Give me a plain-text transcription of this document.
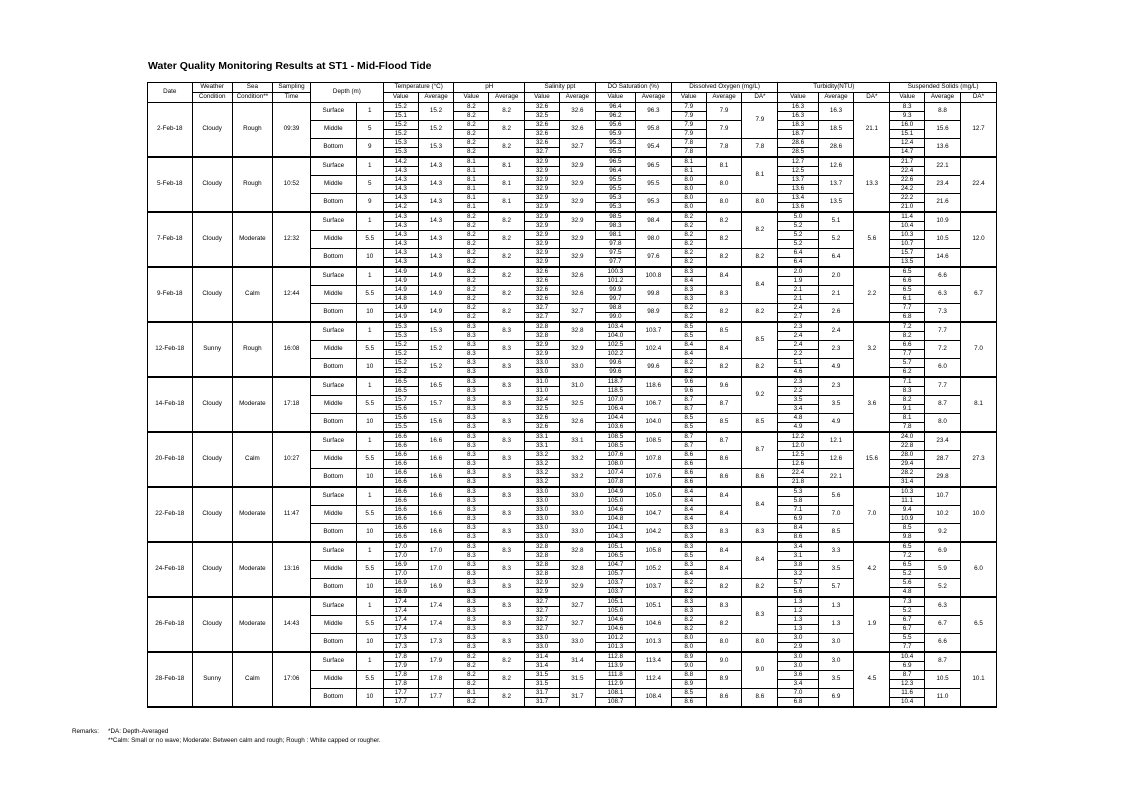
Water Quality Monitoring Results at ST1 - Mid-Flood Tide
Date	Weather	Sea	Sampling	Depth (m)		Temperature (°C)		pH		Salinity ppt		DO Saturation (%)		Dissolved Oxygen (mg/L)			Turbidity(NTU)			Suspended Solids (mg/L)		
	Condition	Condition**	Time			Value	Average	Value	Average	Value	Average	Value	Average	Value	Average	DA*	Value	Average	DA*	Value	Average	DA*
2-Feb-18	Cloudy	Rough	09:39	Surface	1	15.2	15.2	8.2	8.2	32.6	32.6	96.4	96.3	7.9	7.9	7.9	16.3	16.3	21.1	8.3	8.8	12.7
						15.1		8.2		32.5		96.2		7.9			16.3			9.3		
				Middle	5	15.2	15.2	8.2	8.2	32.6	32.6	95.6	95.8	7.9	7.9		18.3	18.5		16.0	15.6	
						15.2		8.2		32.6		95.9		7.9			18.7			15.1		
				Bottom	9	15.3	15.3	8.2	8.2	32.6	32.7	95.3	95.4	7.8	7.8	7.8	28.6	28.6		12.4	13.6	
						15.3		8.2		32.7		95.5		7.8			28.5			14.7		
5-Feb-18	Cloudy	Rough	10:52	Surface	1	14.2	14.3	8.1	8.1	32.9	32.9	96.5	96.5	8.1	8.1	8.1	12.7	12.6	13.3	21.7	22.1	22.4
						14.3		8.1		32.9		96.4		8.1			12.5			22.4		
				Middle	5	14.3	14.3	8.1	8.1	32.9	32.9	95.5	95.5	8.0	8.0		13.7	13.7		22.6	23.4	
						14.3		8.1		32.9		95.5		8.0			13.6			24.2		
				Bottom	9	14.3	14.3	8.1	8.1	32.9	32.9	95.3	95.3	8.0	8.0	8.0	13.4	13.5		22.2	21.6	
						14.2		8.1		32.9		95.3		8.0			13.6			21.0		
7-Feb-18	Cloudy	Moderate	12:32	Surface	1	14.3	14.3	8.2	8.2	32.9	32.9	98.5	98.4	8.2	8.2	8.2	5.0	5.1	5.6	11.4	10.9	12.0
						14.3		8.2		32.9		98.3		8.2			5.2			10.4		
				Middle	5.5	14.3	14.3	8.2	8.2	32.9	32.9	98.1	98.0	8.2	8.2		5.2	5.2		10.3	10.5	
						14.3		8.2		32.9		97.8		8.2			5.2			10.7		
				Bottom	10	14.3	14.3	8.2	8.2	32.9	32.9	97.5	97.6	8.2	8.2	8.2	6.4	6.4		15.7	14.6	
						14.3		8.2		32.9		97.7		8.2			6.4			13.5		
9-Feb-18	Cloudy	Calm	12:44	Surface	1	14.9	14.9	8.2	8.2	32.6	32.6	100.3	100.8	8.3	8.4	8.4	2.0	2.0	2.2	6.5	6.6	6.7
						14.9		8.2		32.6		101.2		8.4			1.9			6.6		
				Middle	5.5	14.9	14.9	8.2	8.2	32.6	32.6	99.9	99.8	8.3	8.3		2.1	2.1		6.5	6.3	
						14.8		8.2		32.6		99.7		8.3			2.1			6.1		
				Bottom	10	14.9	14.9	8.2	8.2	32.7	32.7	98.8	98.9	8.2	8.2	8.2	2.4	2.6		7.7	7.3	
						14.9		8.2		32.7		99.0		8.2			2.7			6.8		
12-Feb-18	Sunny	Rough	16:08	Surface	1	15.3	15.3	8.3	8.3	32.8	32.8	103.4	103.7	8.5	8.5	8.5	2.3	2.4	3.2	7.2	7.7	7.0
						15.3		8.3		32.8		104.0		8.5			2.4			8.2		
				Middle	5.5	15.2	15.2	8.3	8.3	32.9	32.9	102.5	102.4	8.4	8.4		2.4	2.3		6.6	7.2	
						15.2		8.3		32.9		102.2		8.4			2.2			7.7		
				Bottom	10	15.2	15.2	8.3	8.3	33.0	33.0	99.6	99.6	8.2	8.2	8.2	5.1	4.9		5.7	6.0	
						15.2		8.3		33.0		99.6		8.2			4.6			6.2		
14-Feb-18	Cloudy	Moderate	17:18	Surface	1	16.5	16.5	8.3	8.3	31.0	31.0	118.7	118.6	9.6	9.6	9.2	2.3	2.3	3.6	7.1	7.7	8.1
						16.5		8.3		31.0		118.5		9.6			2.2			8.3		
				Middle	5.5	15.7	15.7	8.3	8.3	32.4	32.5	107.0	106.7	8.7	8.7		3.5	3.5		8.2	8.7	
						15.6		8.3		32.5		106.4		8.7			3.4			9.1		
				Bottom	10	15.6	15.6	8.3	8.3	32.6	32.6	104.4	104.0	8.5	8.5	8.5	4.8	4.9		8.1	8.0	
						15.5		8.3		32.6		103.6		8.5			4.9			7.8		
20-Feb-18	Cloudy	Calm	10:27	Surface	1	16.6	16.6	8.3	8.3	33.1	33.1	108.5	108.5	8.7	8.7	8.7	12.2	12.1	15.6	24.0	23.4	27.3
						16.6		8.3		33.1		108.5		8.7			12.0			22.8		
				Middle	5.5	16.6	16.6	8.3	8.3	33.2	33.2	107.6	107.8	8.6	8.6		12.5	12.6		28.0	28.7	
						16.6		8.3		33.2		108.0		8.6			12.6			29.4		
				Bottom	10	16.6	16.6	8.3	8.3	33.2	33.2	107.4	107.6	8.6	8.6	8.6	22.4	22.1		28.2	29.8	
						16.6		8.3		33.2		107.8		8.6			21.8			31.4		
22-Feb-18	Cloudy	Moderate	11:47	Surface	1	16.6	16.6	8.3	8.3	33.0	33.0	104.9	105.0	8.4	8.4	8.4	5.3	5.6	7.0	10.3	10.7	10.0
						16.6		8.3		33.0		105.0		8.4			5.8			11.1		
				Middle	5.5	16.6	16.6	8.3	8.3	33.0	33.0	104.6	104.7	8.4	8.4		7.1	7.0		9.4	10.2	
						16.6		8.3		33.0		104.8		8.4			6.9			10.9		
				Bottom	10	16.6	16.6	8.3	8.3	33.0	33.0	104.1	104.2	8.3	8.3	8.3	8.4	8.5		8.5	9.2	
						16.6		8.3		33.0		104.3		8.3			8.6			9.8		
24-Feb-18	Cloudy	Moderate	13:16	Surface	1	17.0	17.0	8.3	8.3	32.8	32.8	105.1	105.8	8.3	8.4	8.4	3.4	3.3	4.2	6.5	6.9	6.0
						17.0		8.3		32.8		106.5		8.5			3.1			7.2		
				Middle	5.5	16.9	17.0	8.3	8.3	32.8	32.8	104.7	105.2	8.3	8.4		3.8	3.5		6.5	5.9	
						17.0		8.3		32.8		105.7		8.4			3.2			5.2		
				Bottom	10	16.9	16.9	8.3	8.3	32.9	32.9	103.7	103.7	8.2	8.2	8.2	5.7	5.7		5.6	5.2	
						16.9		8.3		32.9		103.7		8.2			5.6			4.8		
26-Feb-18	Cloudy	Moderate	14:43	Surface	1	17.4	17.4	8.3	8.3	32.7	32.7	105.1	105.1	8.3	8.3	8.3	1.3	1.3	1.9	7.3	6.3	6.5
						17.4		8.3		32.7		105.0		8.3			1.2			5.2		
				Middle	5.5	17.4	17.4	8.3	8.3	32.7	32.7	104.6	104.6	8.2	8.2		1.3	1.3		6.7	6.7	
						17.4		8.3		32.7		104.6		8.2			1.3			6.7		
				Bottom	10	17.3	17.3	8.3	8.3	33.0	33.0	101.2	101.3	8.0	8.0	8.0	3.0	3.0		5.5	6.6	
						17.3		8.3		33.0		101.3		8.0			2.9			7.7		
28-Feb-18	Sunny	Calm	17:06	Surface	1	17.8	17.9	8.2	8.2	31.4	31.4	112.8	113.4	8.9	9.0	9.0	3.0	3.0	4.5	10.4	8.7	10.1
						17.9		8.2		31.4		113.9		9.0			3.0			6.9		
				Middle	5.5	17.8	17.8	8.2	8.2	31.5	31.5	111.8	112.4	8.8	8.9		3.6	3.5		8.7	10.5	
						17.8		8.2		31.5		112.9		8.9			3.4			12.3		
				Bottom	10	17.7	17.7	8.1	8.2	31.7	31.7	108.1	108.4	8.5	8.6	8.6	7.0	6.9		11.6	11.0	
						17.7		8.2		31.7		108.7		8.6			6.8			10.4		
Remarks: *DA: Depth-Averaged
**Calm: Small or no wave; Moderate: Between calm and rough; Rough : White capped or rougher.
